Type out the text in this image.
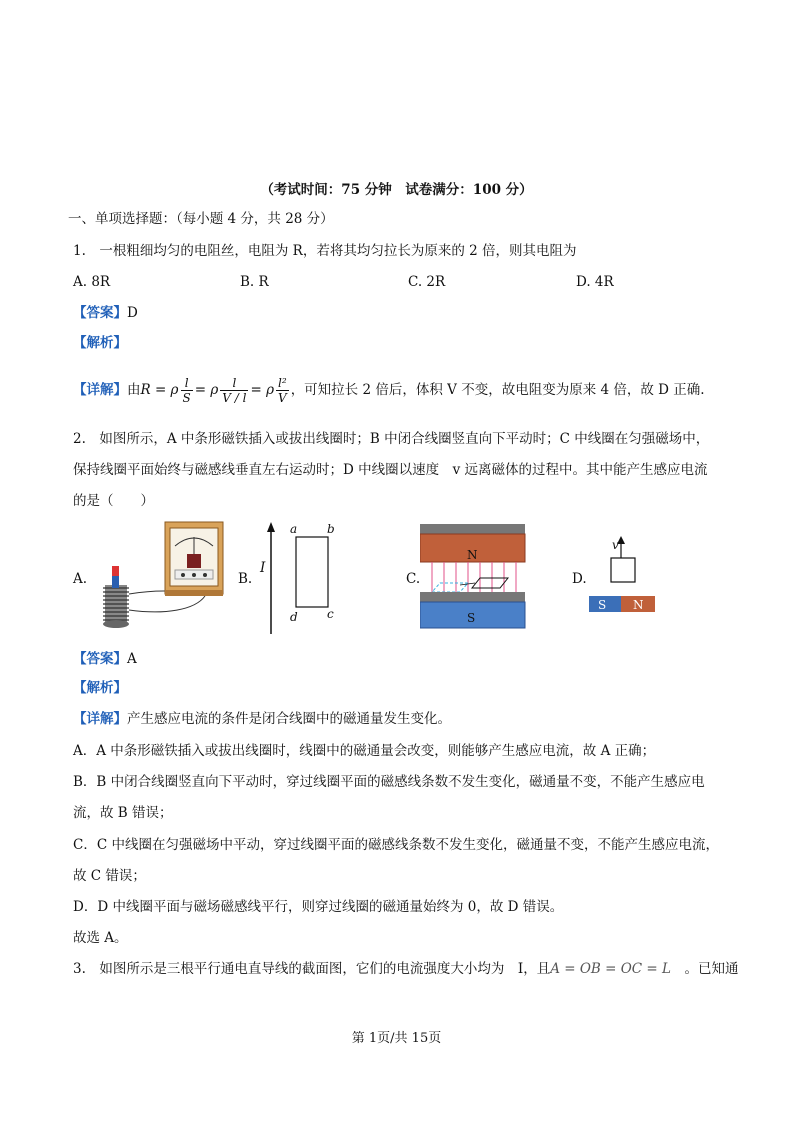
（考试时间：75 分钟　试卷满分：100 分）
一、单项选择题：（每小题 4 分，共 28 分）
1.　一根粗细均匀的电阻丝，电阻为 R，若将其均匀拉长为原来的 2 倍，则其电阻为
A. 8R	B. R	C. 2R	D. 4R
【答案】D
【解析】
【详解】由R = ρ $\frac{l}{S} = \rho \frac{l}{V / l} = \rho \frac{\text{l²}}{V}$ ，可知拉长 2 倍后，体积 V 不变，故电阻变为原来 4 倍，故 D 正确.
2.　如图所示，A 中条形磁铁插入或拔出线圈时；B 中闭合线圈竖直向下平动时；C 中线圈在匀强磁场中，
保持线圈平面始终与磁感线垂直左右运动时；D 中线圈以速度　v 远离磁体的过程中。其中能产生感应电流
的是（　　）
A.	B.	C.	D.
I
a b
c
d
N
S
v
S N
【答案】A
【解析】
【详解】产生感应电流的条件是闭合线圈中的磁通量发生变化。
A．A 中条形磁铁插入或拔出线圈时，线圈中的磁通量会改变，则能够产生感应电流，故 A 正确；
B．B 中闭合线圈竖直向下平动时，穿过线圈平面的磁感线条数不发生变化，磁通量不变，不能产生感应电
流，故 B 错误；
C．C 中线圈在匀强磁场中平动，穿过线圈平面的磁感线条数不发生变化，磁通量不变，不能产生感应电流，
故 C 错误；
D．D 中线圈平面与磁场磁感线平行，则穿过线圈的磁通量始终为 0，故 D 错误。
故选 A。
3.　如图所示是三根平行通电直导线的截面图，它们的电流强度大小均为　I，且A = OB = OC = L　 。已知通
第 1页/共 15页
